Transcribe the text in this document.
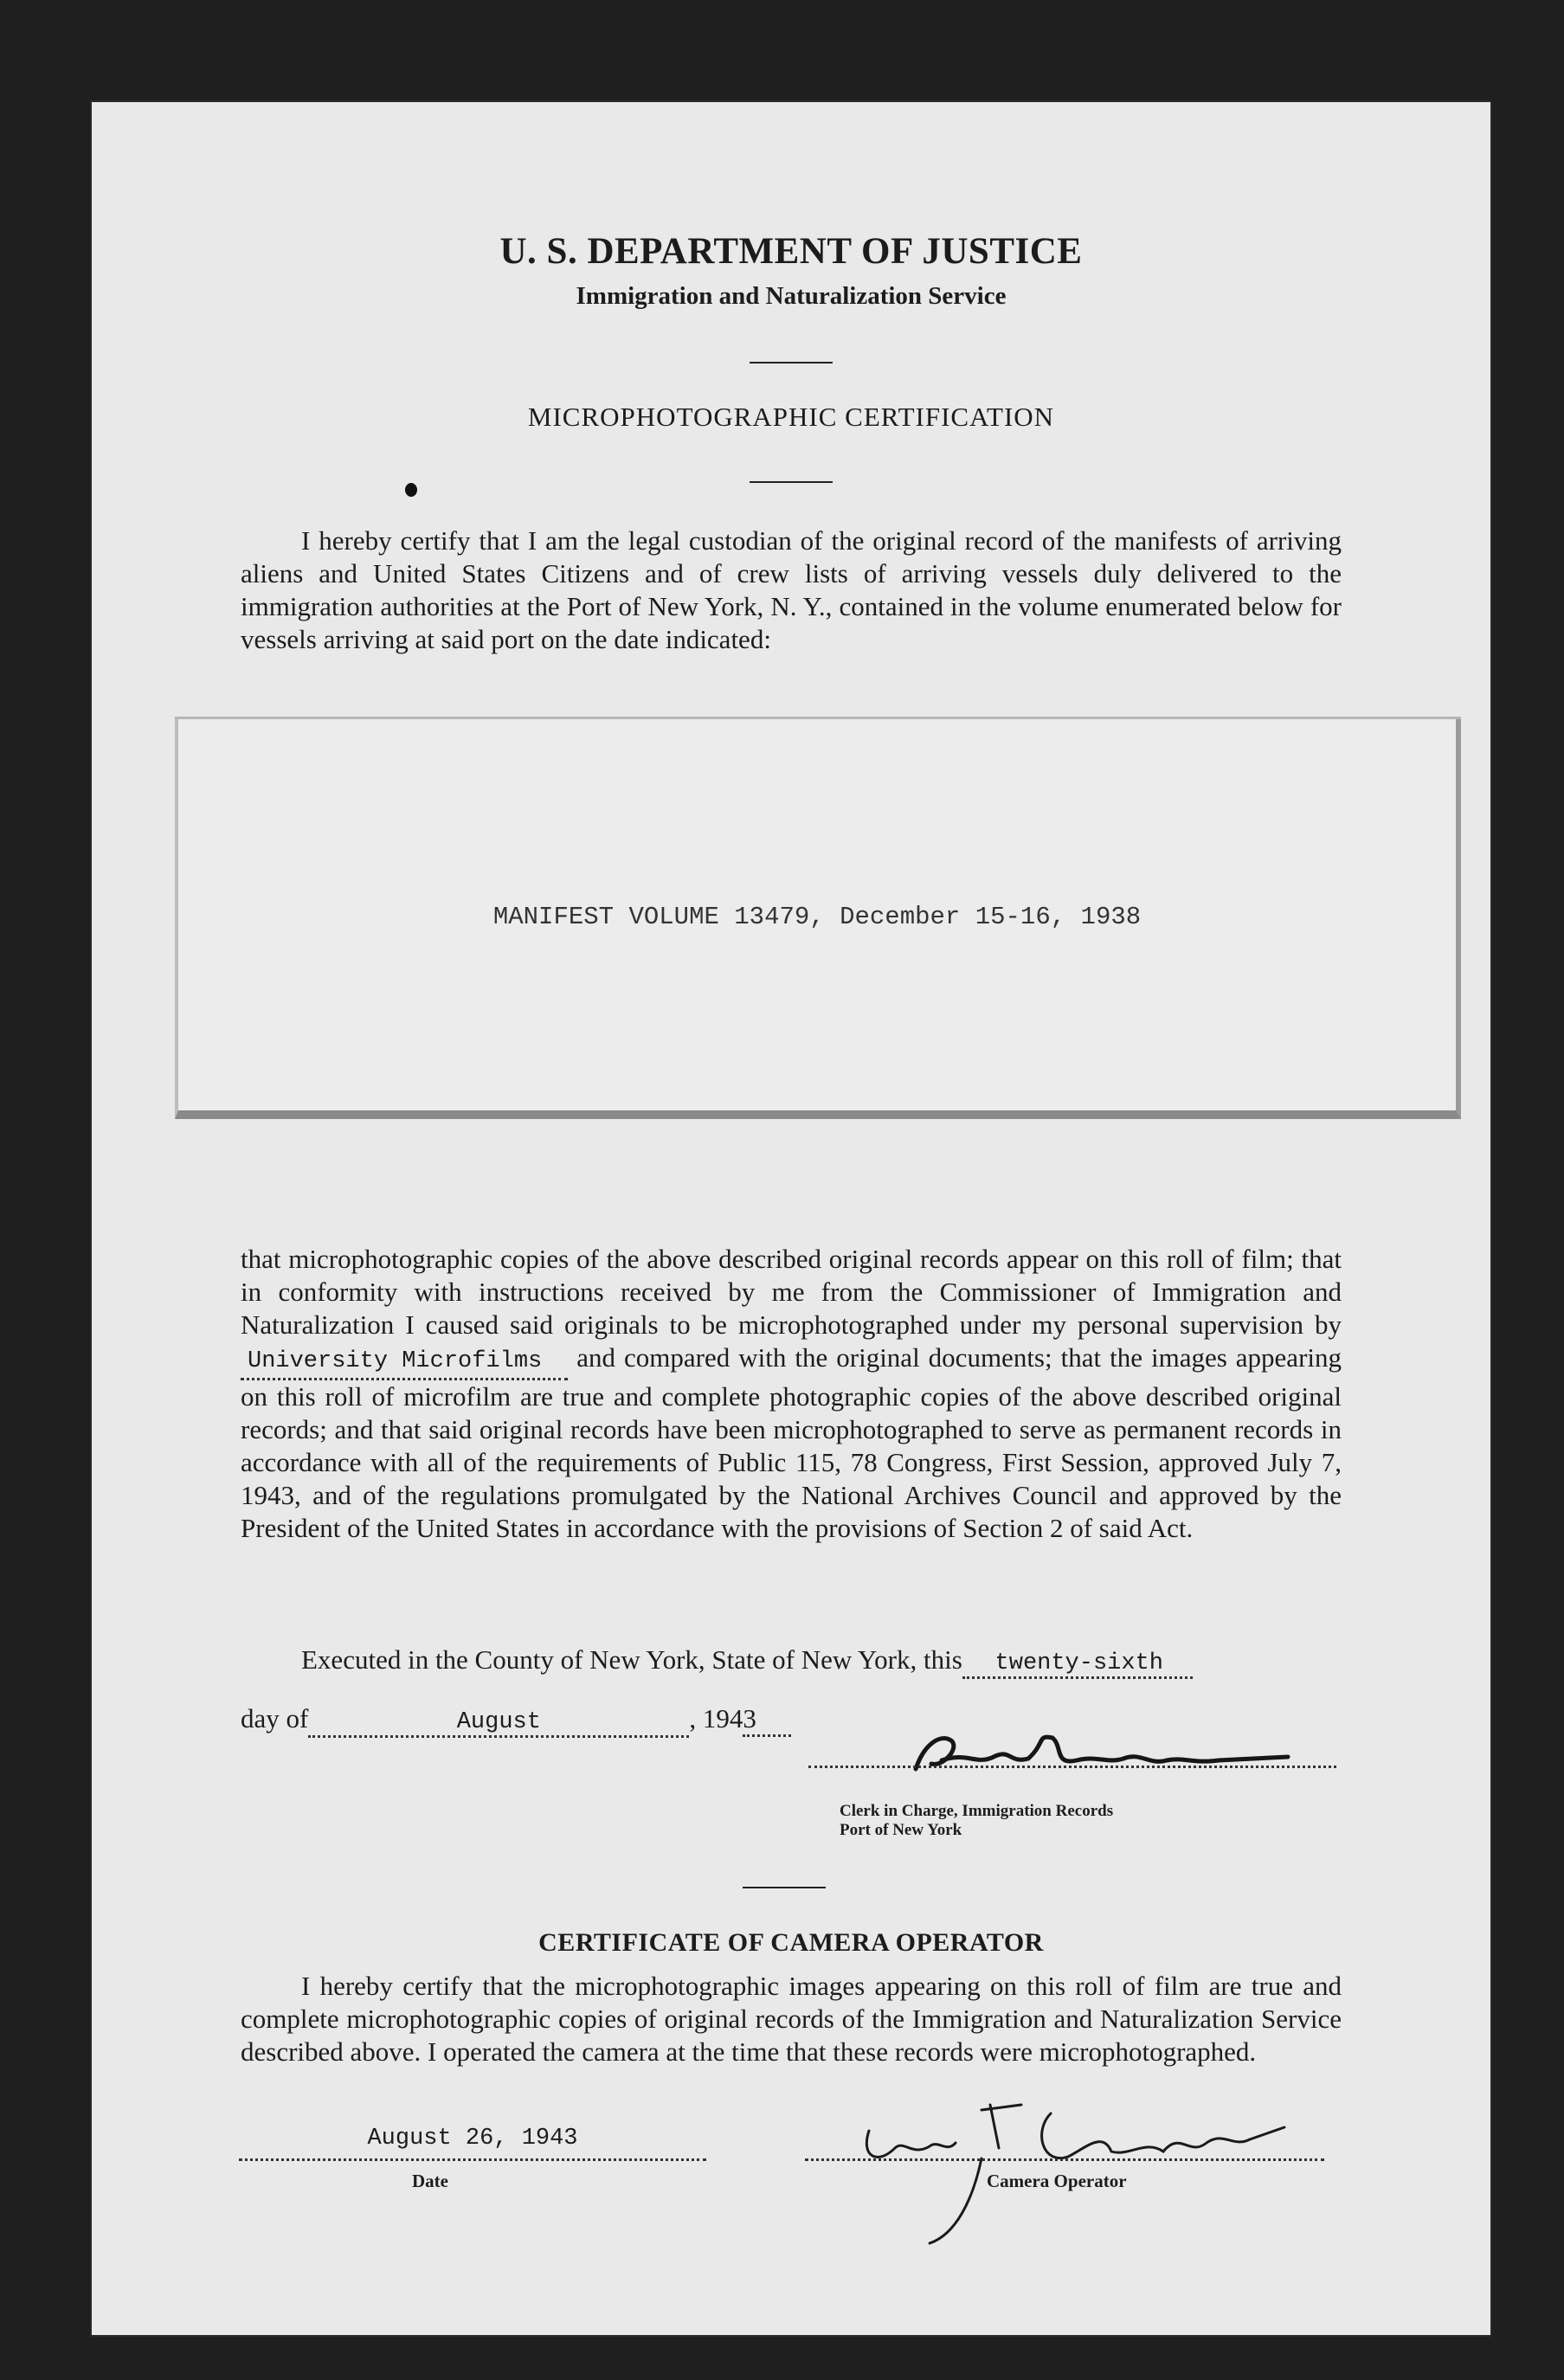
U. S. DEPARTMENT OF JUSTICE
Immigration and Naturalization Service
MICROPHOTOGRAPHIC CERTIFICATION
I hereby certify that I am the legal custodian of the original record of the manifests of arriving aliens and United States Citizens and of crew lists of arriving vessels duly delivered to the immigration authorities at the Port of New York, N. Y., contained in the volume enumerated below for vessels arriving at said port on the date indicated:
MANIFEST VOLUME 13479, December 15-16, 1938
that microphotographic copies of the above described original records appear on this roll of film; that in conformity with instructions received by me from the Commissioner of Immigration and Naturalization I caused said originals to be microphotographed under my personal supervision byUniversity Microfilms and compared with the original documents; that the images appearing on this roll of microfilm are true and complete photographic copies of the above described original records; and that said original records have been microphotographed to serve as permanent records in accordance with all of the requirements of Public 115, 78 Congress, First Session, approved July 7, 1943, and of the regulations promulgated by the National Archives Council and approved by the President of the United States in accordance with the provisions of Section 2 of said Act.
Executed in the County of New York, State of New York, this twenty-sixth
day of	August	, 1943
Clerk in Charge, Immigration Records
Port of New York
CERTIFICATE OF CAMERA OPERATOR
I hereby certify that the microphotographic images appearing on this roll of film are true and complete microphotographic copies of original records of the Immigration and Naturalization Service described above. I operated the camera at the time that these records were microphotographed.
August 26, 1943
Date	Camera Operator
